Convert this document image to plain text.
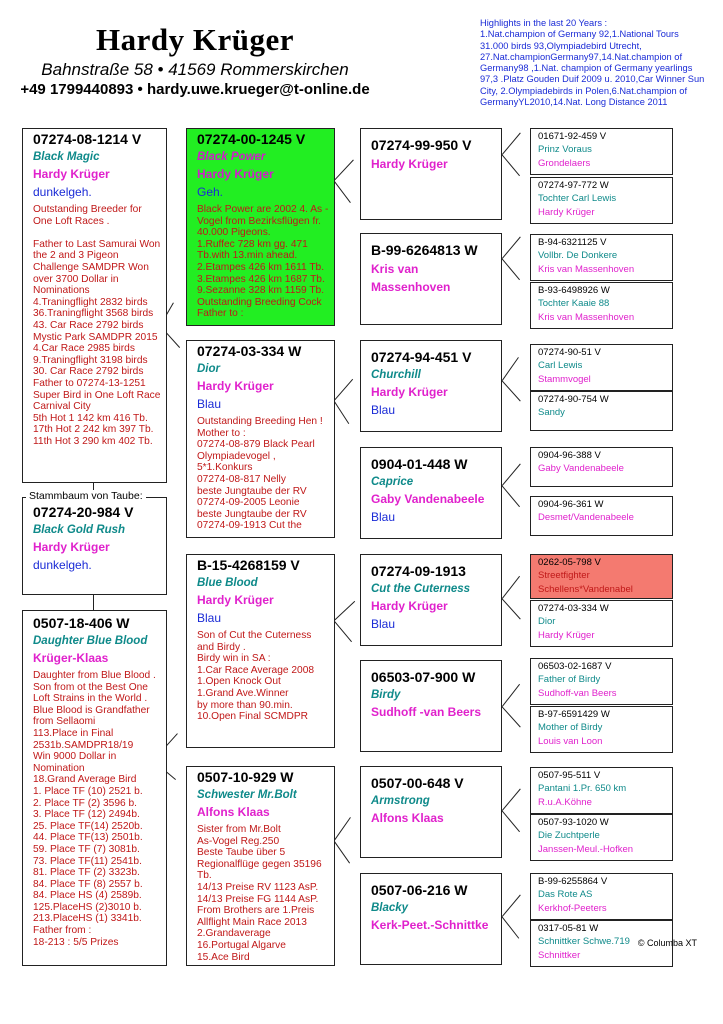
Hardy Krüger
Bahnstraße 58 • 41569 Rommerskirchen
+49 1799440893 • hardy.uwe.krueger@t-online.de
Highlights in the last 20 Years :
1.Nat.champion of Germany 92,1.National Tours 31.000 birds 93,Olympiadebird Utrecht, 27.Nat.championGermany97,14.Nat.champion of Germany98 ,1.Nat. champion of Germany yearlings 97,3 .Platz Gouden Duif 2009 u. 2010,Car Winner Sun City, 2.Olympiadebirds in Polen,6.Nat.champion of GermanyYL2010,14.Nat. Long Distance 2011
07274-08-1214 V
Black Magic
Hardy Krüger
dunkelgeh.
Outstanding Breeder for One Loft Races .

Father to Last Samurai Won the 2 and 3 Pigeon Challenge SAMDPR Won over 3700 Dollar in Nominations
4.Traningflight 2832 birds
36.Traningflight 3568 birds
43. Car Race 2792 birds Mystic Park SAMDPR 2015
4.Car Race 2985 birds
9.Traningflight 3198 birds
30. Car Race 2792 birds
Father to 07274-13-1251 Super Bird in One Loft Race Carnival City
5th Hot 1 142 km 416 Tb.
17th Hot 2 242 km 397 Tb.
11th Hot 3 290 km 402 Tb.
07274-20-984 V
Black Gold Rush
Hardy Krüger
dunkelgeh.
Stammbaum von Taube:
0507-18-406 W
Daughter Blue Blood
Krüger-Klaas
Daughter from Blue Blood . Son from ot the Best One Loft Strains in the World . Blue Blood is Grandfather from Sellaomi
113.Place in Final 2531b.SAMDPR18/19
Win 9000 Dollar in Nomination
18.Grand Average Bird
1. Place TF (10) 2521 b.
2. Place TF (2) 3596 b.
3. Place TF (12) 2494b.
25. Place TF(14) 2520b.
44. Place TF(13) 2501b.
59. Place TF (7) 3081b.
73. Place TF(11) 2541b.
81. Place TF (2) 3323b.
84. Place TF (8) 2557 b.
84. Place HS (4) 2589b.
125.PlaceHS (2)3010 b.
213.PlaceHS (1) 3341b.
Father from :
18-213 : 5/5 Prizes
07274-00-1245 V
Black Power
Hardy Krüger
Geh.
Black Power are 2002 4. As -Vogel from Bezirksflügen fr. 40.000 Pigeons.
1.Ruffec 728 km gg. 471 Tb.with 13.min ahead.
2.Etampes 426 km 1611 Tb.
3.Etampes 426 km 1687 Tb.
9.Sezanne 328 km 1159 Tb.
Outstanding Breeding Cock Father to :
07274-03-334 W
Dior
Hardy Krüger
Blau
Outstanding Breeding Hen ! Mother to :
07274-08-879 Black Pearl Olympiadevogel ,
5*1.Konkurs
07274-08-817 Nelly
beste Jungtaube der RV
07274-09-2005 Leonie
beste Jungtaube der RV
07274-09-1913 Cut the
B-15-4268159 V
Blue Blood
Hardy Krüger
Blau
Son of Cut the Cuterness and Birdy .
Birdy win in SA :
1.Car Race Average 2008
1.Open Knock Out
1.Grand Ave.Winner
by more than 90.min.
10.Open Final SCMDPR
0507-10-929 W
Schwester Mr.Bolt
Alfons Klaas
Sister from Mr.Bolt
As-Vogel Reg.250
Beste Taube über 5 Regionalflüge gegen 35196 Tb.
14/13 Preise RV 1123 AsP.
14/13 Preise FG 1144 AsP.
From Brothers are 1.Preis Allflight Main Race 2013
2.Grandaverage
16.Portugal Algarve
15.Ace Bird
07274-99-950 V
Hardy Krüger
B-99-6264813 W
Kris van Massenhoven
07274-94-451 V
Churchill
Hardy Krüger
Blau
0904-01-448 W
Caprice
Gaby Vandenabeele
Blau
07274-09-1913
Cut the Cuterness
Hardy Krüger
Blau
06503-07-900 W
Birdy
Sudhoff -van Beers
0507-00-648 V
Armstrong
Alfons Klaas
0507-06-216 W
Blacky
Kerk-Peet.-Schnittke
01671-92-459 V
Prinz Voraus
Grondelaers
07274-97-772 W
Tochter Carl Lewis
Hardy Krüger
B-94-6321125 V
Vollbr. De Donkere
Kris van Massenhoven
B-93-6498926 W
Tochter Kaaie 88
Kris van Massenhoven
07274-90-51 V
Carl Lewis
Stammvogel
07274-90-754 W
Sandy
0904-96-388 V
Gaby Vandenabeele
0904-96-361 W
Desmet/Vandenabeele
0262-05-798 V
Streetfighter
Schellens*Vandenabel
07274-03-334 W
Dior
Hardy Krüger
06503-02-1687 V
Father of Birdy
Sudhoff-van Beers
B-97-6591429 W
Mother of Birdy
Louis van Loon
0507-95-511 V
Pantani 1.Pr. 650 km
R.u.A.Köhne
0507-93-1020 W
Die Zuchtperle
Janssen-Meul.-Hofken
B-99-6255864 V
Das Rote AS
Kerkhof-Peeters
0317-05-81 W
Schnittker Schwe.719
Schnittker
© Columba XT
